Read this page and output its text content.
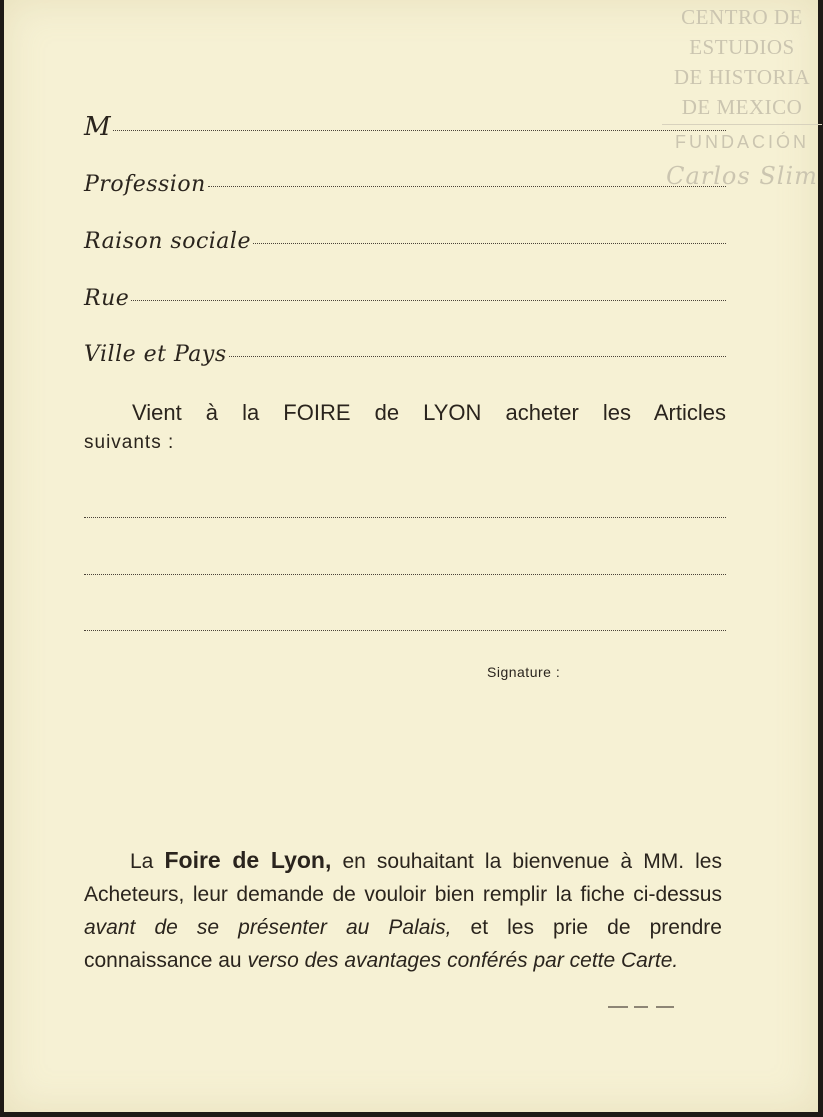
CENTRO DE
ESTUDIOS
DE HISTORIA
DE MEXICO
FUNDACIÓN
Carlos Slim
M
Profession
Raison sociale
Rue
Ville et Pays
Vient à la FOIRE de LYON acheter les Articles
suivants :
Signature :

La Foire de Lyon, en souhaitant la bienvenue à MM. les Acheteurs, leur demande de vouloir bien remplir la fiche ci-dessus avant de se présenter au Palais, et les prie de prendre connaissance au verso des avantages conférés par cette Carte.
